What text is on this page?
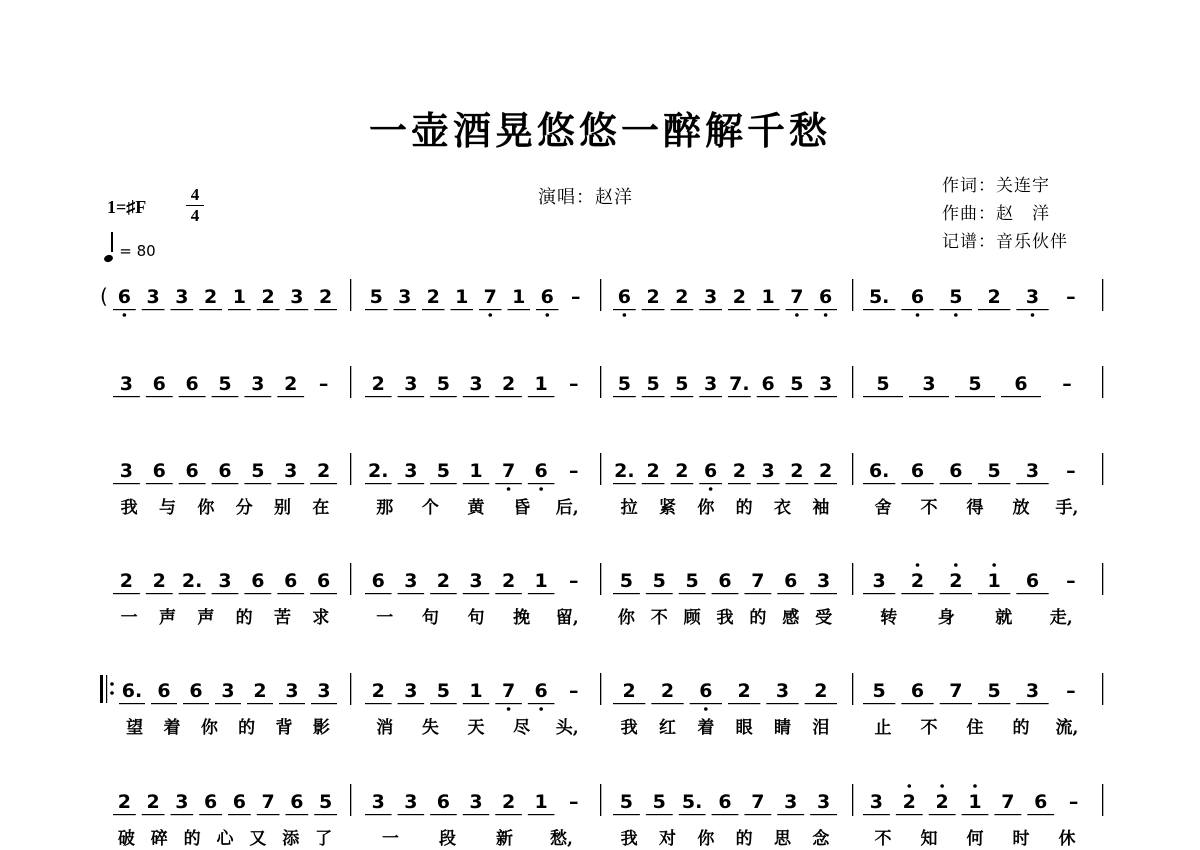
一壶酒晃悠悠一醉解千愁
演唱：赵洋
作词：关连宇
作曲：赵　洋
记谱：音乐伙伴
1=♯F
4
4
= 80
( 6 3 3 2 1 2 3 2 5 3 2 1 7 1 6 – 6 2 2 3 2 1 7 6 5. 6 5 2 3 –
3 6 6 5 3 2 – 2 3 5 3 2 1 – 5 5 5 3 7. 6 5 3 5 3 5 6 –
3 6 6 6 5 3 2
我 与 你 分 别 在
2. 3 5 1 7 6 –
那 个 黄 昏 后,
2. 2 2 6 2 3 2 2
拉 紧 你 的 衣 袖
6. 6 6 5 3 –
舍 不 得 放 手,
2 2 2. 3 6 6 6
一 声 声 的 苦 求
6 3 2 3 2 1 –
一 句 句 挽 留,
5 5 5 6 7 6 3
你 不 顾 我 的 感 受
3 2 2 1 6 –
转 身 就 走,
6. 6 6 3 2 3 3
望 着 你 的 背 影
2 3 5 1 7 6 –
消 失 天 尽 头,
2 2 6 2 3 2
我 红 着 眼 睛 泪
5 6 7 5 3 –
止 不 住 的 流,
2 2 3 6 6 7 6 5
破 碎 的 心 又 添 了
3 3 6 3 2 1 –
一 段 新 愁,
5 5 5. 6 7 3 3
我 对 你 的 思 念
3 2 2 1 7 6 –
不 知 何 时 休
